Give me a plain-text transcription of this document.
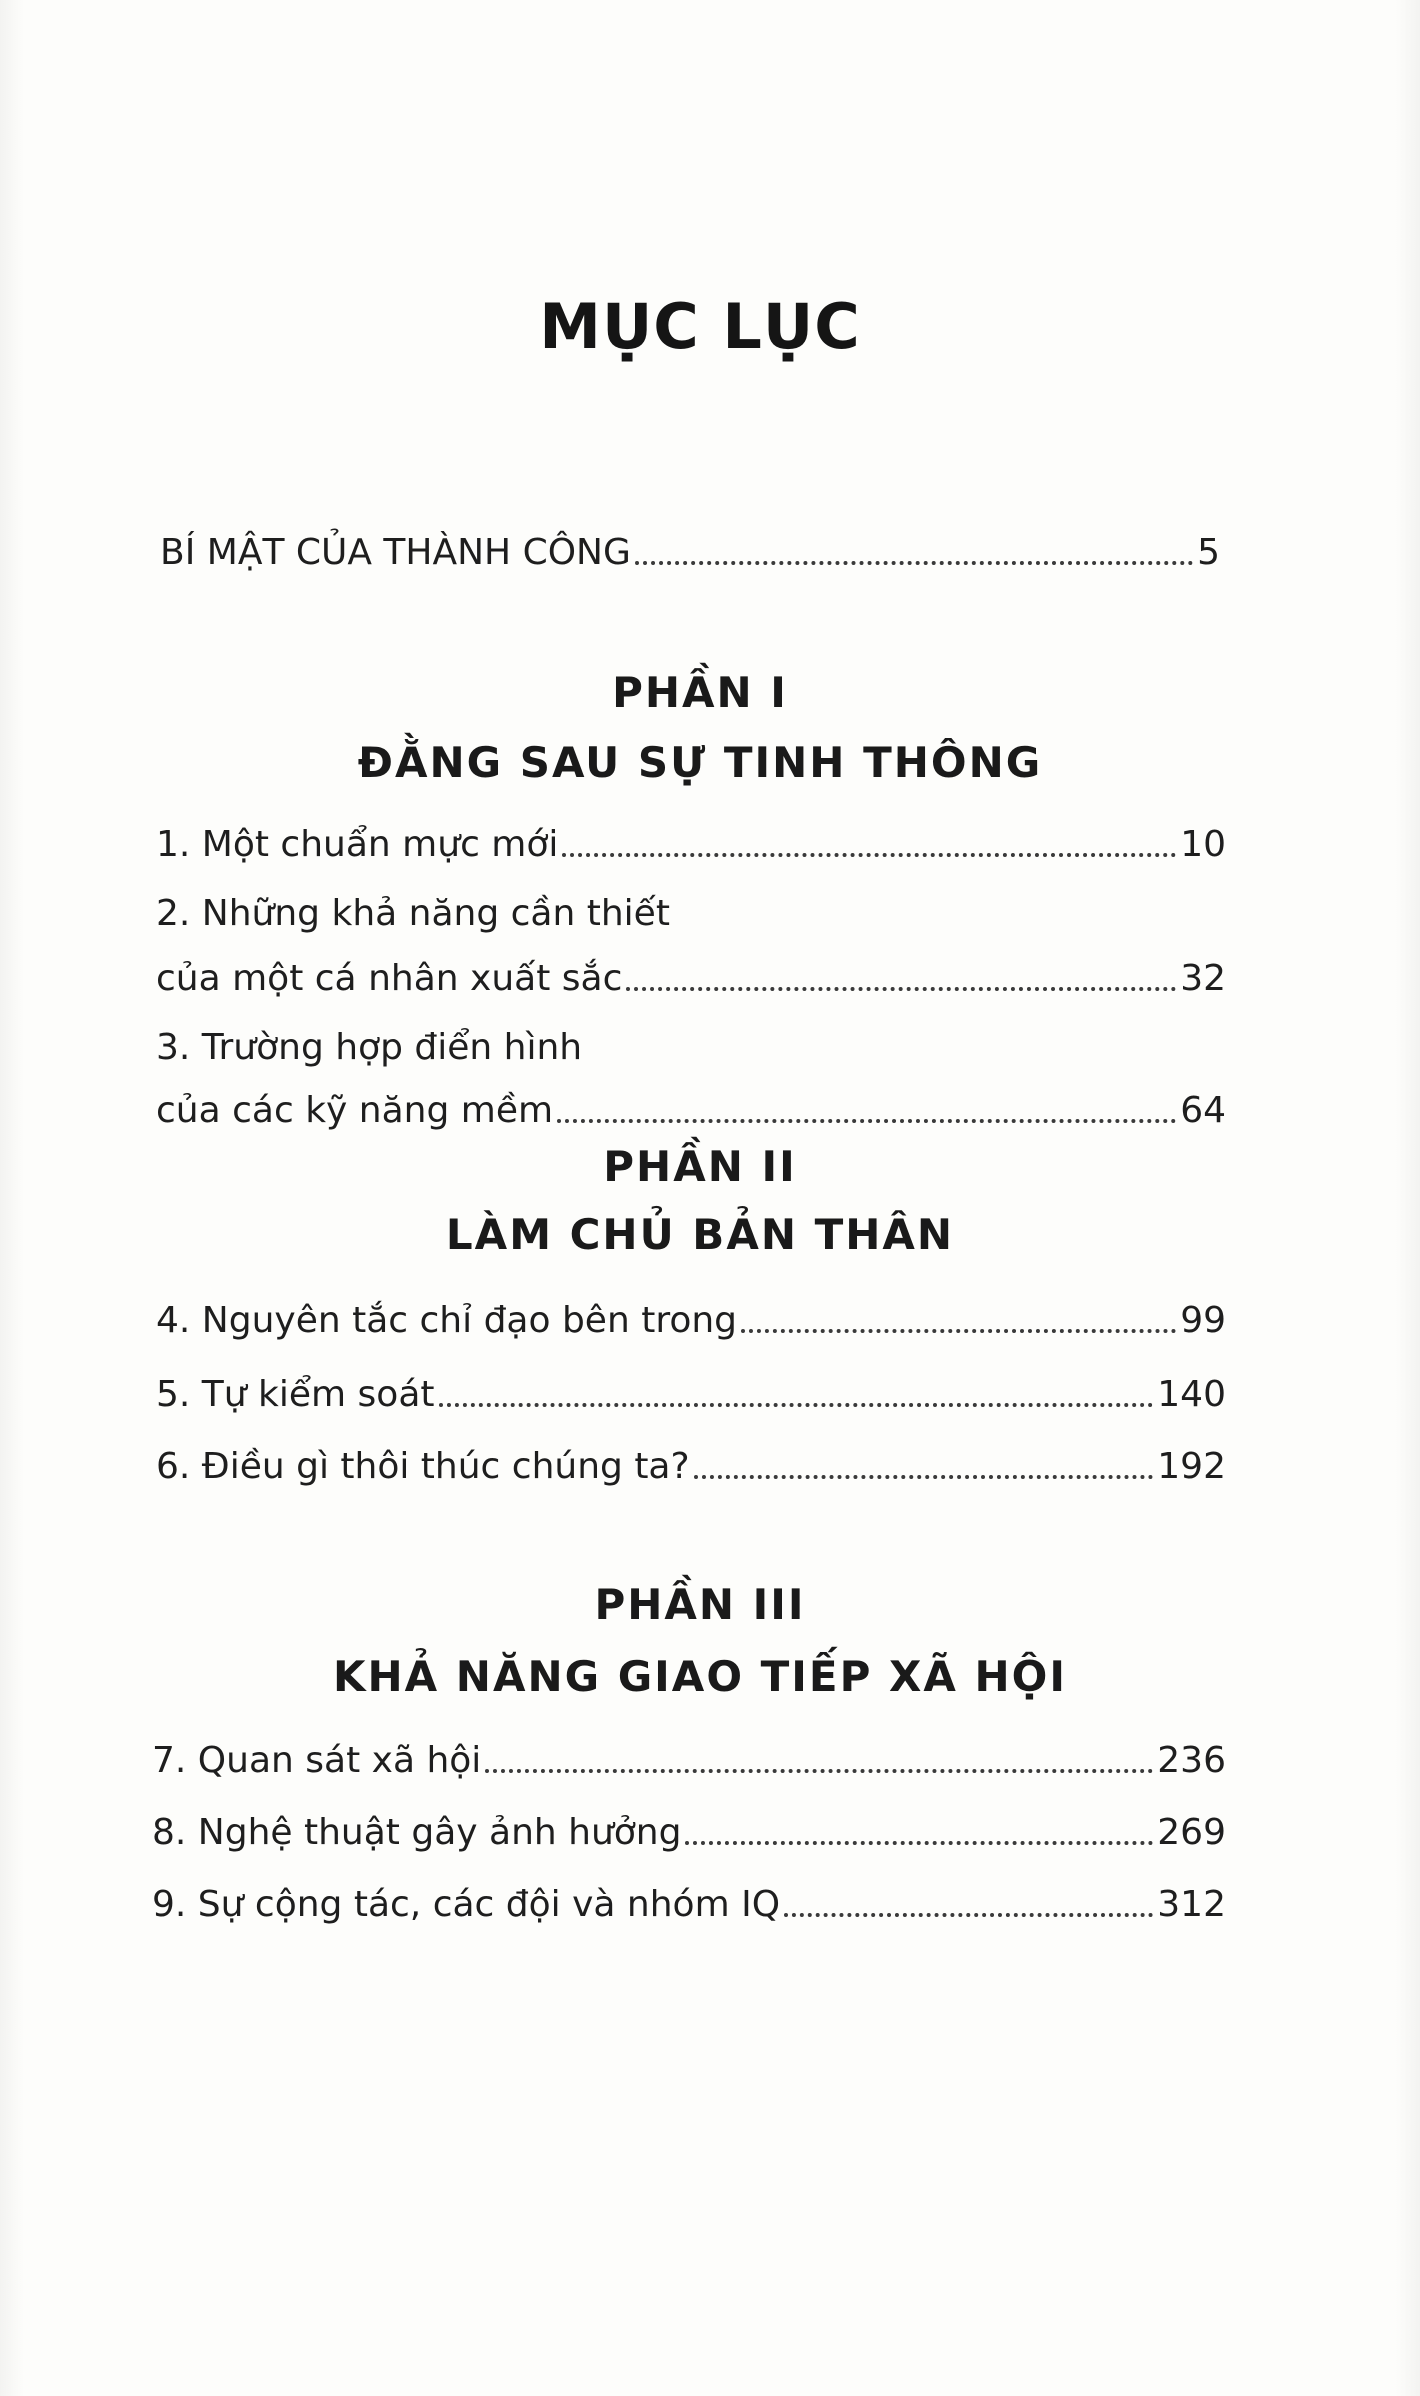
MỤC LỤC
BÍ MẬT CỦA THÀNH CÔNG	5
PHẦN I
ĐẰNG SAU SỰ TINH THÔNG
1. Một chuẩn mực mới	10
2. Những khả năng cần thiết
của một cá nhân xuất sắc	32
3. Trường hợp điển hình
của các kỹ năng mềm	64
PHẦN II
LÀM CHỦ BẢN THÂN
4. Nguyên tắc chỉ đạo bên trong	99
5. Tự kiểm soát	140
6. Điều gì thôi thúc chúng ta?	192
PHẦN III
KHẢ NĂNG GIAO TIẾP XÃ HỘI
7. Quan sát xã hội	236
8. Nghệ thuật gây ảnh hưởng	269
9. Sự cộng tác, các đội và nhóm IQ	312
